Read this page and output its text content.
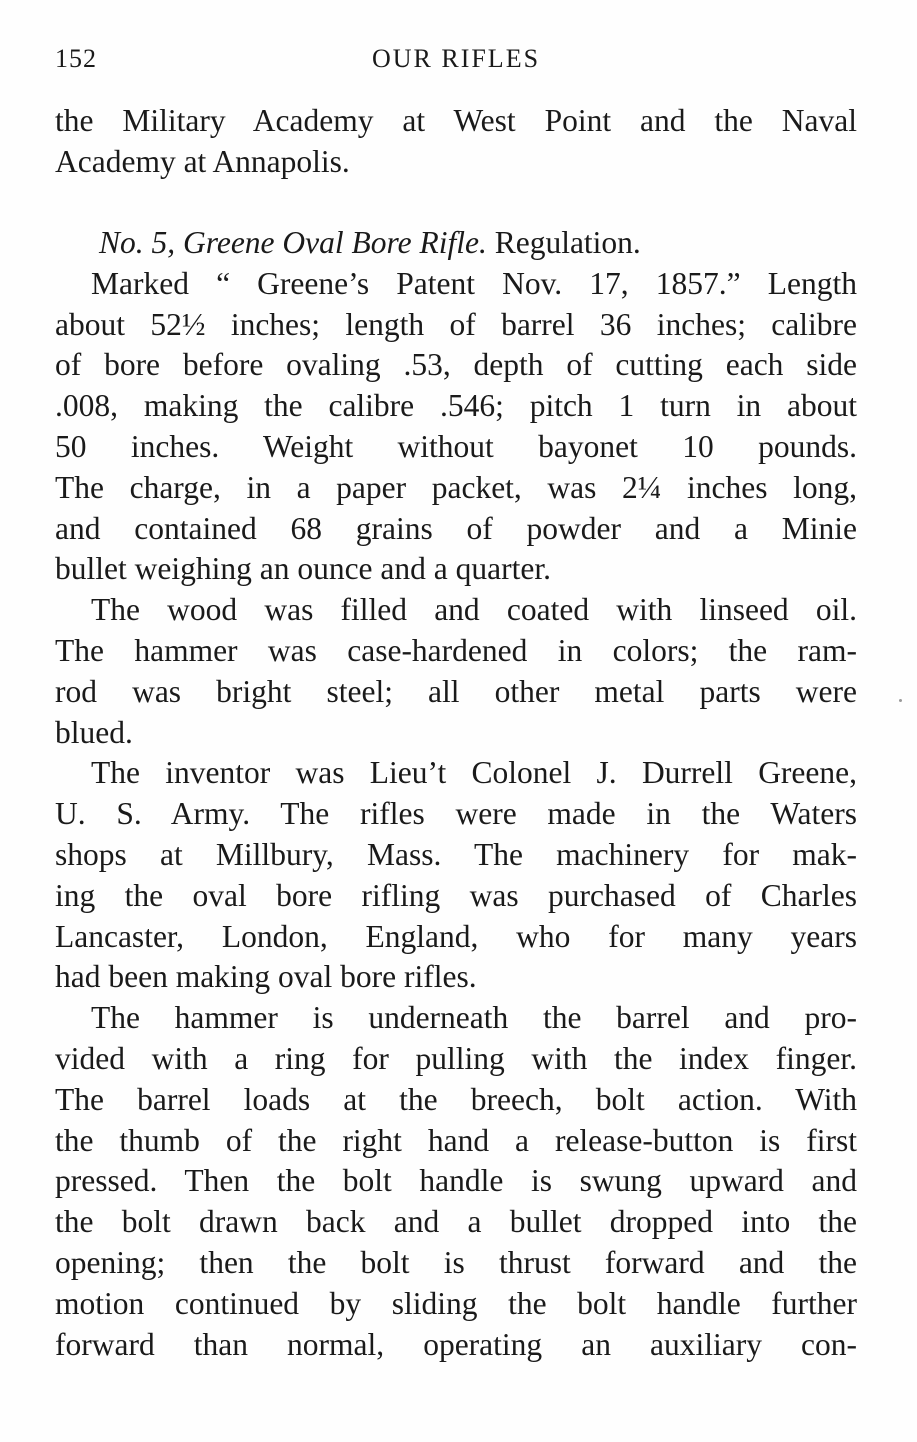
152	OUR RIFLES
the Military Academy at West Point and the Naval
Academy at Annapolis.
No. 5, Greene Oval Bore Rifle. Regulation.
Marked “ Greene’s Patent Nov. 17, 1857.” Length
about 52½ inches; length of barrel 36 inches; calibre
of bore before ovaling .53, depth of cutting each side
.008, making the calibre .546; pitch 1 turn in about
50 inches. Weight without bayonet 10 pounds.
The charge, in a paper packet, was 2¼ inches long,
and contained 68 grains of powder and a Minie
bullet weighing an ounce and a quarter.
The wood was filled and coated with linseed oil.
The hammer was case-hardened in colors; the ram-
rod was bright steel; all other metal parts were
blued.
The inventor was Lieu’t Colonel J. Durrell Greene,
U. S. Army. The rifles were made in the Waters
shops at Millbury, Mass. The machinery for mak-
ing the oval bore rifling was purchased of Charles
Lancaster, London, England, who for many years
had been making oval bore rifles.
The hammer is underneath the barrel and pro-
vided with a ring for pulling with the index finger.
The barrel loads at the breech, bolt action. With
the thumb of the right hand a release-button is first
pressed. Then the bolt handle is swung upward and
the bolt drawn back and a bullet dropped into the
opening; then the bolt is thrust forward and the
motion continued by sliding the bolt handle further
forward than normal, operating an auxiliary con-
